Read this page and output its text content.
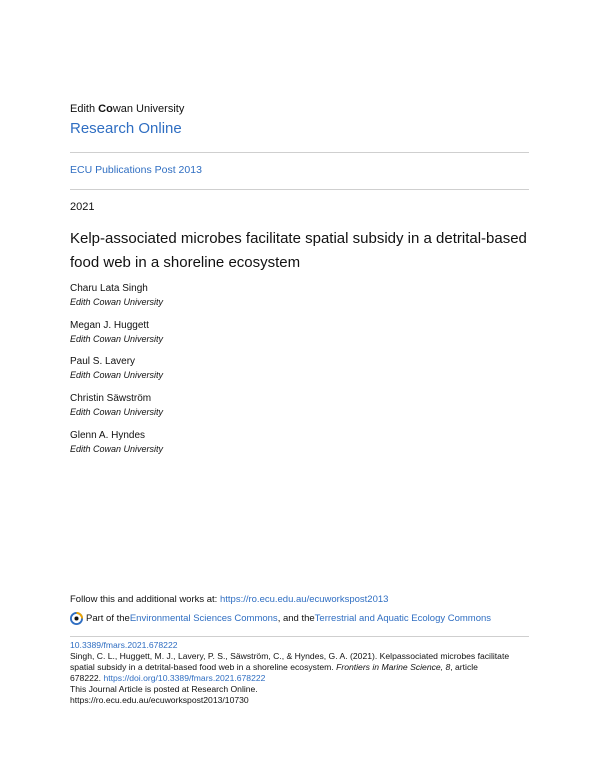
Edith Cowan University
Research Online
ECU Publications Post 2013
2021
Kelp-associated microbes facilitate spatial subsidy in a detrital-based food web in a shoreline ecosystem
Charu Lata Singh
Edith Cowan University
Megan J. Huggett
Edith Cowan University
Paul S. Lavery
Edith Cowan University
Christin Säwström
Edith Cowan University
Glenn A. Hyndes
Edith Cowan University
Follow this and additional works at: https://ro.ecu.edu.au/ecuworkspost2013
Part of the Environmental Sciences Commons , and the Terrestrial and Aquatic Ecology Commons
10.3389/fmars.2021.678222
Singh, C. L., Huggett, M. J., Lavery, P. S., Säwström, C., & Hyndes, G. A. (2021). Kelpassociated microbes facilitate
spatial subsidy in a detrital-based food web in a shoreline ecosystem. Frontiers in Marine Science, 8, article
678222. https://doi.org/10.3389/fmars.2021.678222
This Journal Article is posted at Research Online.
https://ro.ecu.edu.au/ecuworkspost2013/10730
